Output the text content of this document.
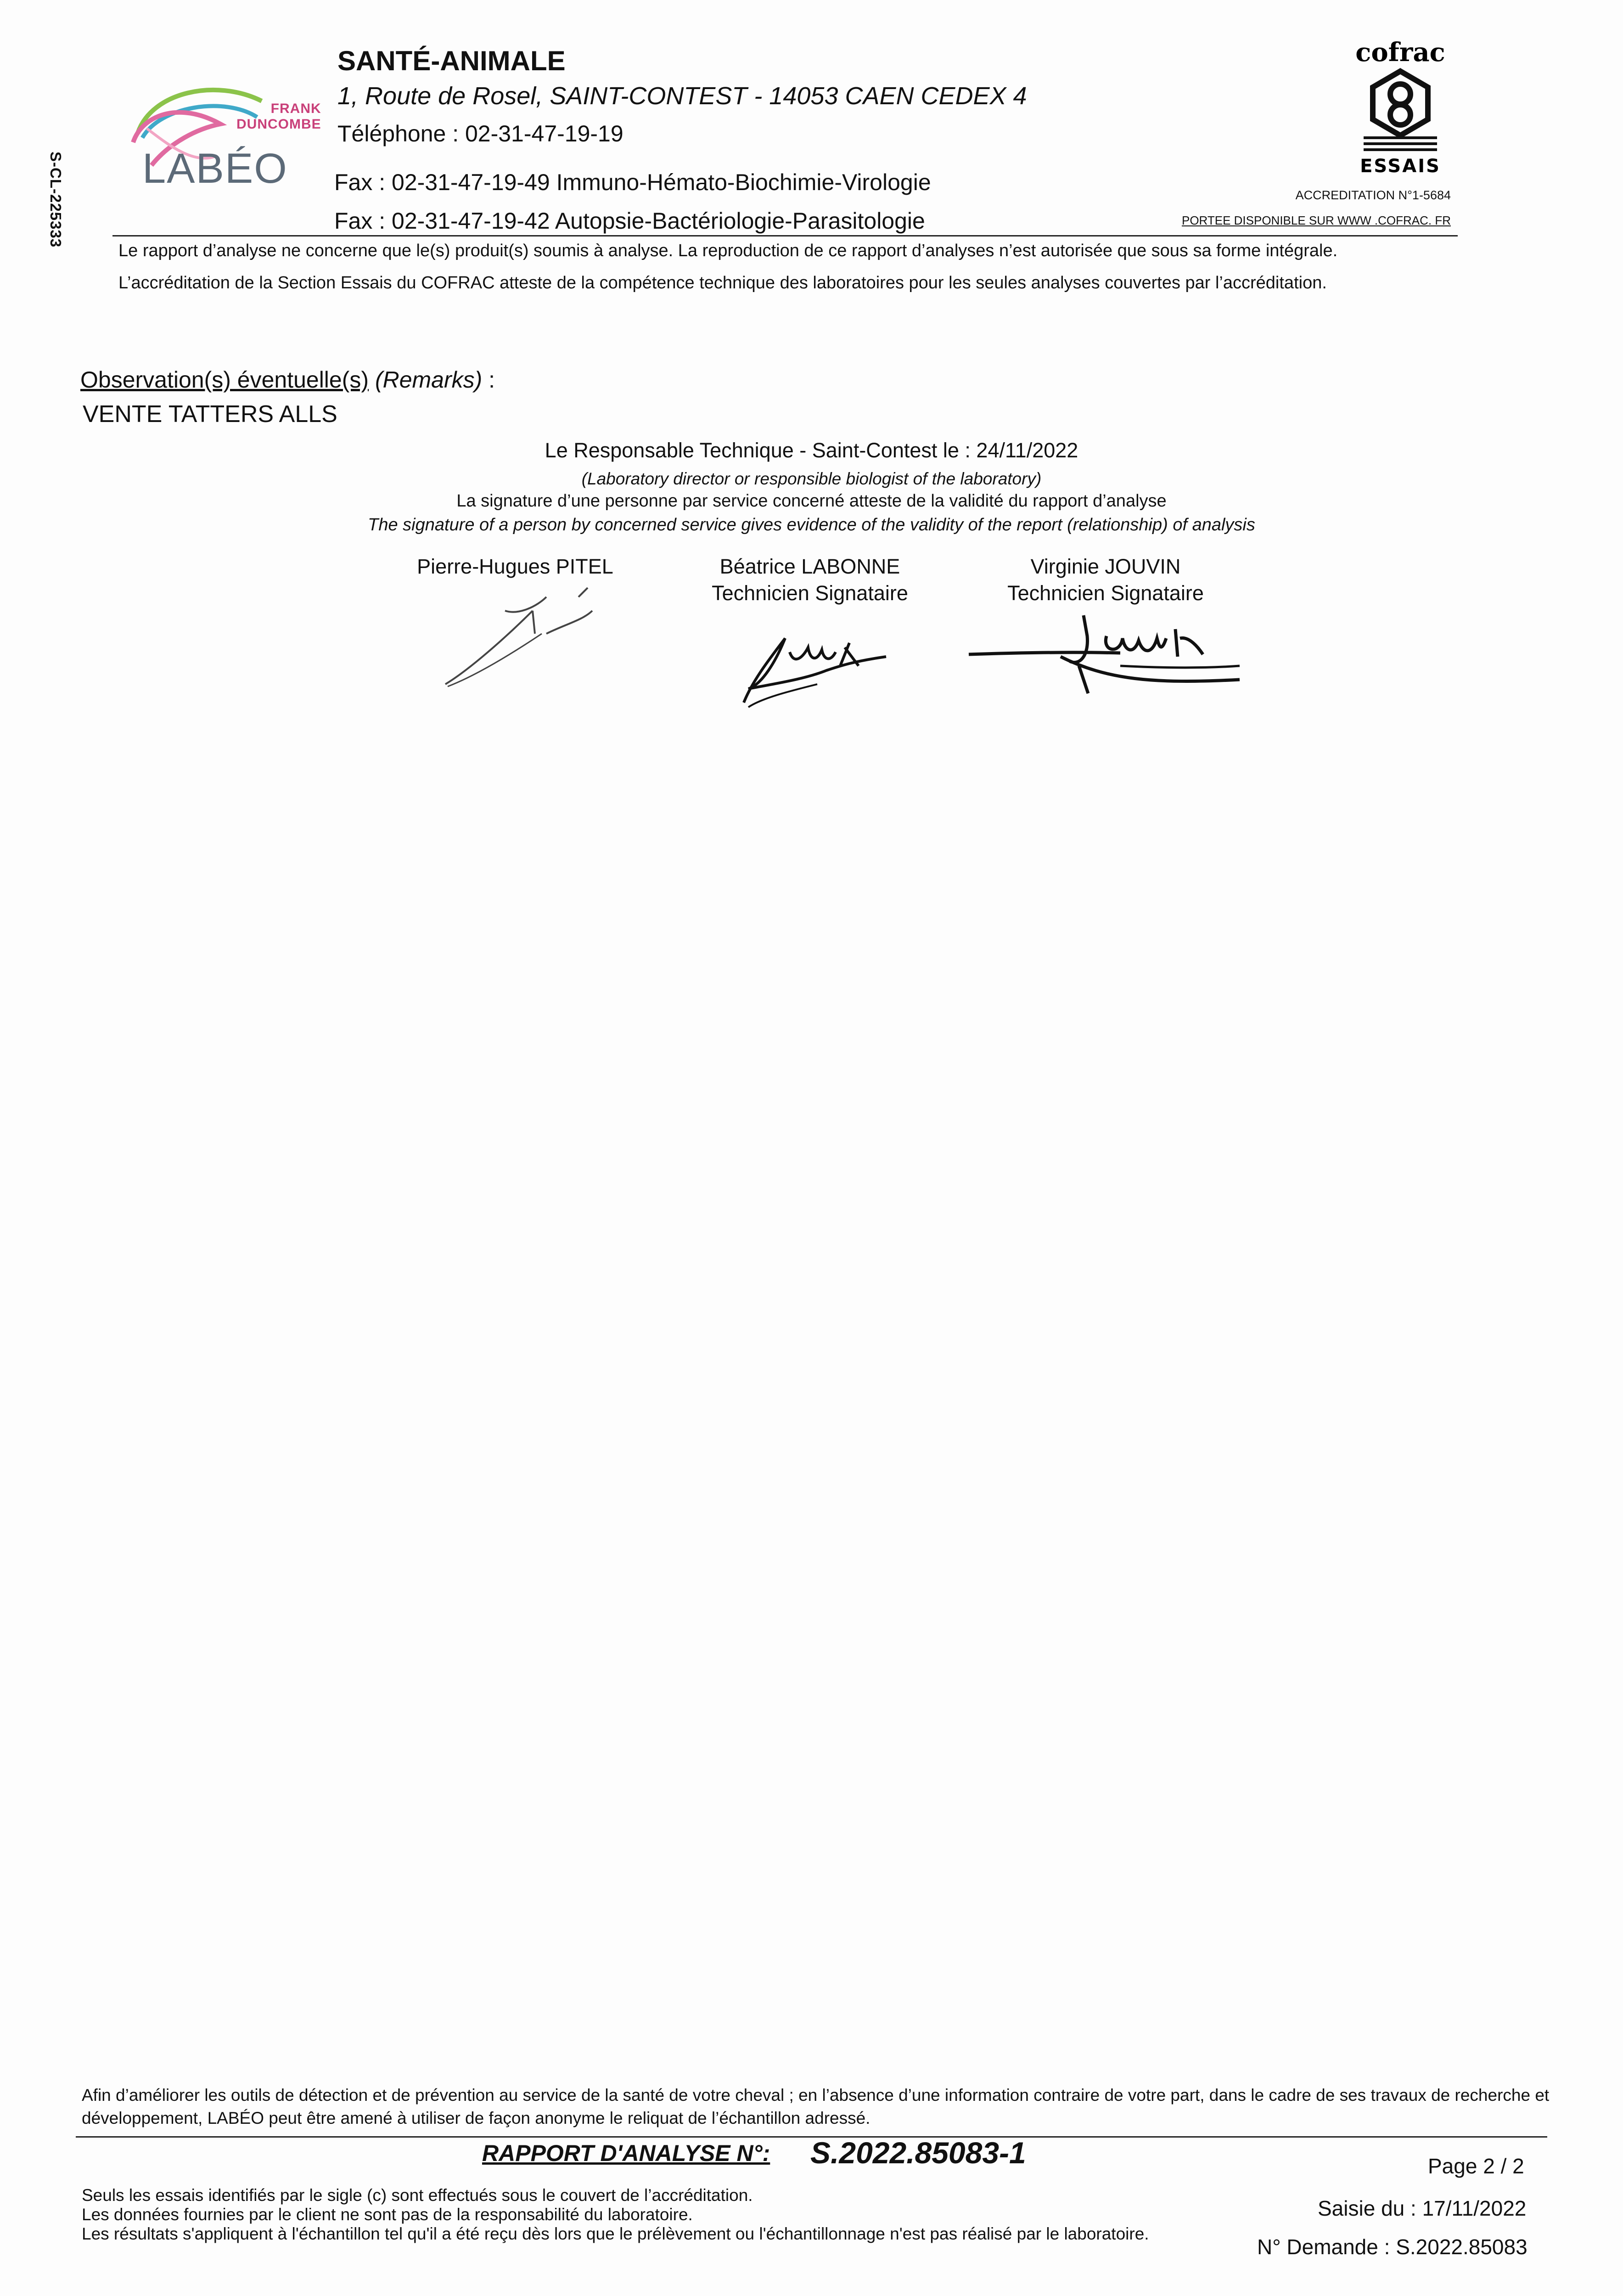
S-CL-225333
FRANK
DUNCOMBE
LABÉO
SANTÉ-ANIMALE
1, Route de Rosel, SAINT-CONTEST - 14053 CAEN CEDEX 4
Téléphone : 02-31-47-19-19
Fax : 02-31-47-19-49 Immuno-Hémato-Biochimie-Virologie
Fax : 02-31-47-19-42 Autopsie-Bactériologie-Parasitologie
cofrac
ESSAIS
ACCREDITATION N°1-5684
PORTEE DISPONIBLE SUR WWW .COFRAC. FR
Le rapport d’analyse ne concerne que le(s) produit(s) soumis à analyse. La reproduction de ce rapport d’analyses n’est autorisée que sous sa forme intégrale.
L’accréditation de la Section Essais du COFRAC atteste de la compétence technique des laboratoires pour les seules analyses couvertes par l’accréditation.
Observation(s) éventuelle(s) (Remarks) :
VENTE TATTERS ALLS
Le Responsable Technique - Saint-Contest le : 24/11/2022
(Laboratory director or responsible biologist of the laboratory)
La signature d’une personne par service concerné atteste de la validité du rapport d’analyse
The signature of a person by concerned service gives evidence of the validity of the report (relationship) of analysis
Pierre-Hugues PITEL	Béatrice LABONNE
Technicien Signataire
Virginie JOUVIN
Technicien Signataire
Afin d’améliorer les outils de détection et de prévention au service de la santé de votre cheval ; en l’absence d’une information contraire de votre part, dans le cadre de ses travaux de recherche et développement, LABÉO peut être amené à utiliser de façon anonyme le reliquat de l’échantillon adressé.
RAPPORT D'ANALYSE N°: S.2022.85083-1	Page 2 / 2
Seuls les essais identifiés par le sigle (c) sont effectués sous le couvert de l’accréditation.
Les données fournies par le client ne sont pas de la responsabilité du laboratoire.
Les résultats s'appliquent à l'échantillon tel qu'il a été reçu dès lors que le prélèvement ou l'échantillonnage n'est pas réalisé par le laboratoire.
Saisie du : 17/11/2022
N° Demande : S.2022.85083
